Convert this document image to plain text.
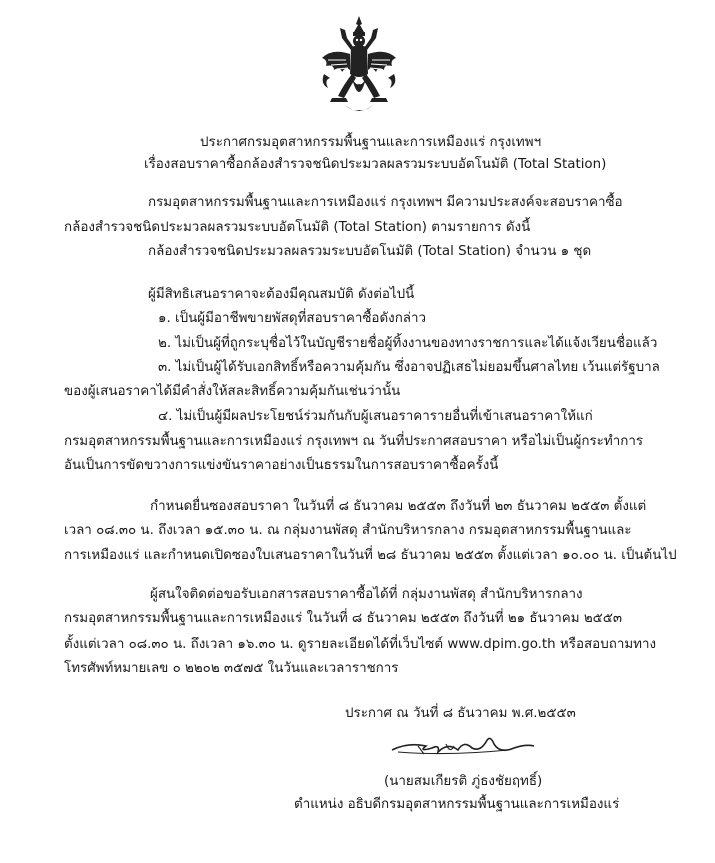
ประกาศกรมอุตสาหกรรมพื้นฐานและการเหมืองแร่ กรุงเทพฯ
เรื่องสอบราคาซื้อกล้องสำรวจชนิดประมวลผลรวมระบบอัตโนมัติ (Total Station)
กรมอุตสาหกรรมพื้นฐานและการเหมืองแร่ กรุงเทพฯ มีความประสงค์จะสอบราคาซื้อ
กล้องสำรวจชนิดประมวลผลรวมระบบอัตโนมัติ (Total Station) ตามรายการ ดังนี้
กล้องสำรวจชนิดประมวลผลรวมระบบอัตโนมัติ (Total Station) จำนวน ๑ ชุด
ผู้มีสิทธิเสนอราคาจะต้องมีคุณสมบัติ ดังต่อไปนี้
๑. เป็นผู้มีอาชีพขายพัสดุที่สอบราคาซื้อดังกล่าว
๒. ไม่เป็นผู้ที่ถูกระบุชื่อไว้ในบัญชีรายชื่อผู้ทิ้งงานของทางราชการและได้แจ้งเวียนชื่อแล้ว
๓. ไม่เป็นผู้ได้รับเอกสิทธิ์หรือความคุ้มกัน ซึ่งอาจปฏิเสธไม่ยอมขึ้นศาลไทย เว้นแต่รัฐบาล
ของผู้เสนอราคาได้มีคำสั่งให้สละสิทธิ์ความคุ้มกันเช่นว่านั้น
๔. ไม่เป็นผู้มีผลประโยชน์ร่วมกันกับผู้เสนอราคารายอื่นที่เข้าเสนอราคาให้แก่
กรมอุตสาหกรรมพื้นฐานและการเหมืองแร่ กรุงเทพฯ ณ วันที่ประกาศสอบราคา หรือไม่เป็นผู้กระทำการ
อันเป็นการขัดขวางการแข่งขันราคาอย่างเป็นธรรมในการสอบราคาซื้อครั้งนี้
กำหนดยื่นซองสอบราคา ในวันที่ ๘ ธันวาคม ๒๕๕๓ ถึงวันที่ ๒๓ ธันวาคม ๒๕๕๓ ตั้งแต่
เวลา ๐๘.๓๐ น. ถึงเวลา ๑๕.๓๐ น. ณ กลุ่มงานพัสดุ สำนักบริหารกลาง กรมอุตสาหกรรมพื้นฐานและ
การเหมืองแร่ และกำหนดเปิดซองใบเสนอราคาในวันที่ ๒๘ ธันวาคม ๒๕๕๓ ตั้งแต่เวลา ๑๐.๐๐ น. เป็นต้นไป
ผู้สนใจติดต่อขอรับเอกสารสอบราคาซื้อได้ที่ กลุ่มงานพัสดุ สำนักบริหารกลาง
กรมอุตสาหกรรมพื้นฐานและการเหมืองแร่ ในวันที่ ๘ ธันวาคม ๒๕๕๓ ถึงวันที่ ๒๑ ธันวาคม ๒๕๕๓
ตั้งแต่เวลา ๐๘.๓๐ น. ถึงเวลา ๑๖.๓๐ น. ดูรายละเอียดได้ที่เว็บไซต์ www.dpim.go.th หรือสอบถามทาง
โทรศัพท์หมายเลข ๐ ๒๒๐๒ ๓๕๗๕ ในวันและเวลาราชการ
ประกาศ ณ วันที่ ๘ ธันวาคม พ.ศ.๒๕๕๓
(นายสมเกียรติ ภู่ธงชัยฤทธิ์)
ตำแหน่ง อธิบดีกรมอุตสาหกรรมพื้นฐานและการเหมืองแร่
